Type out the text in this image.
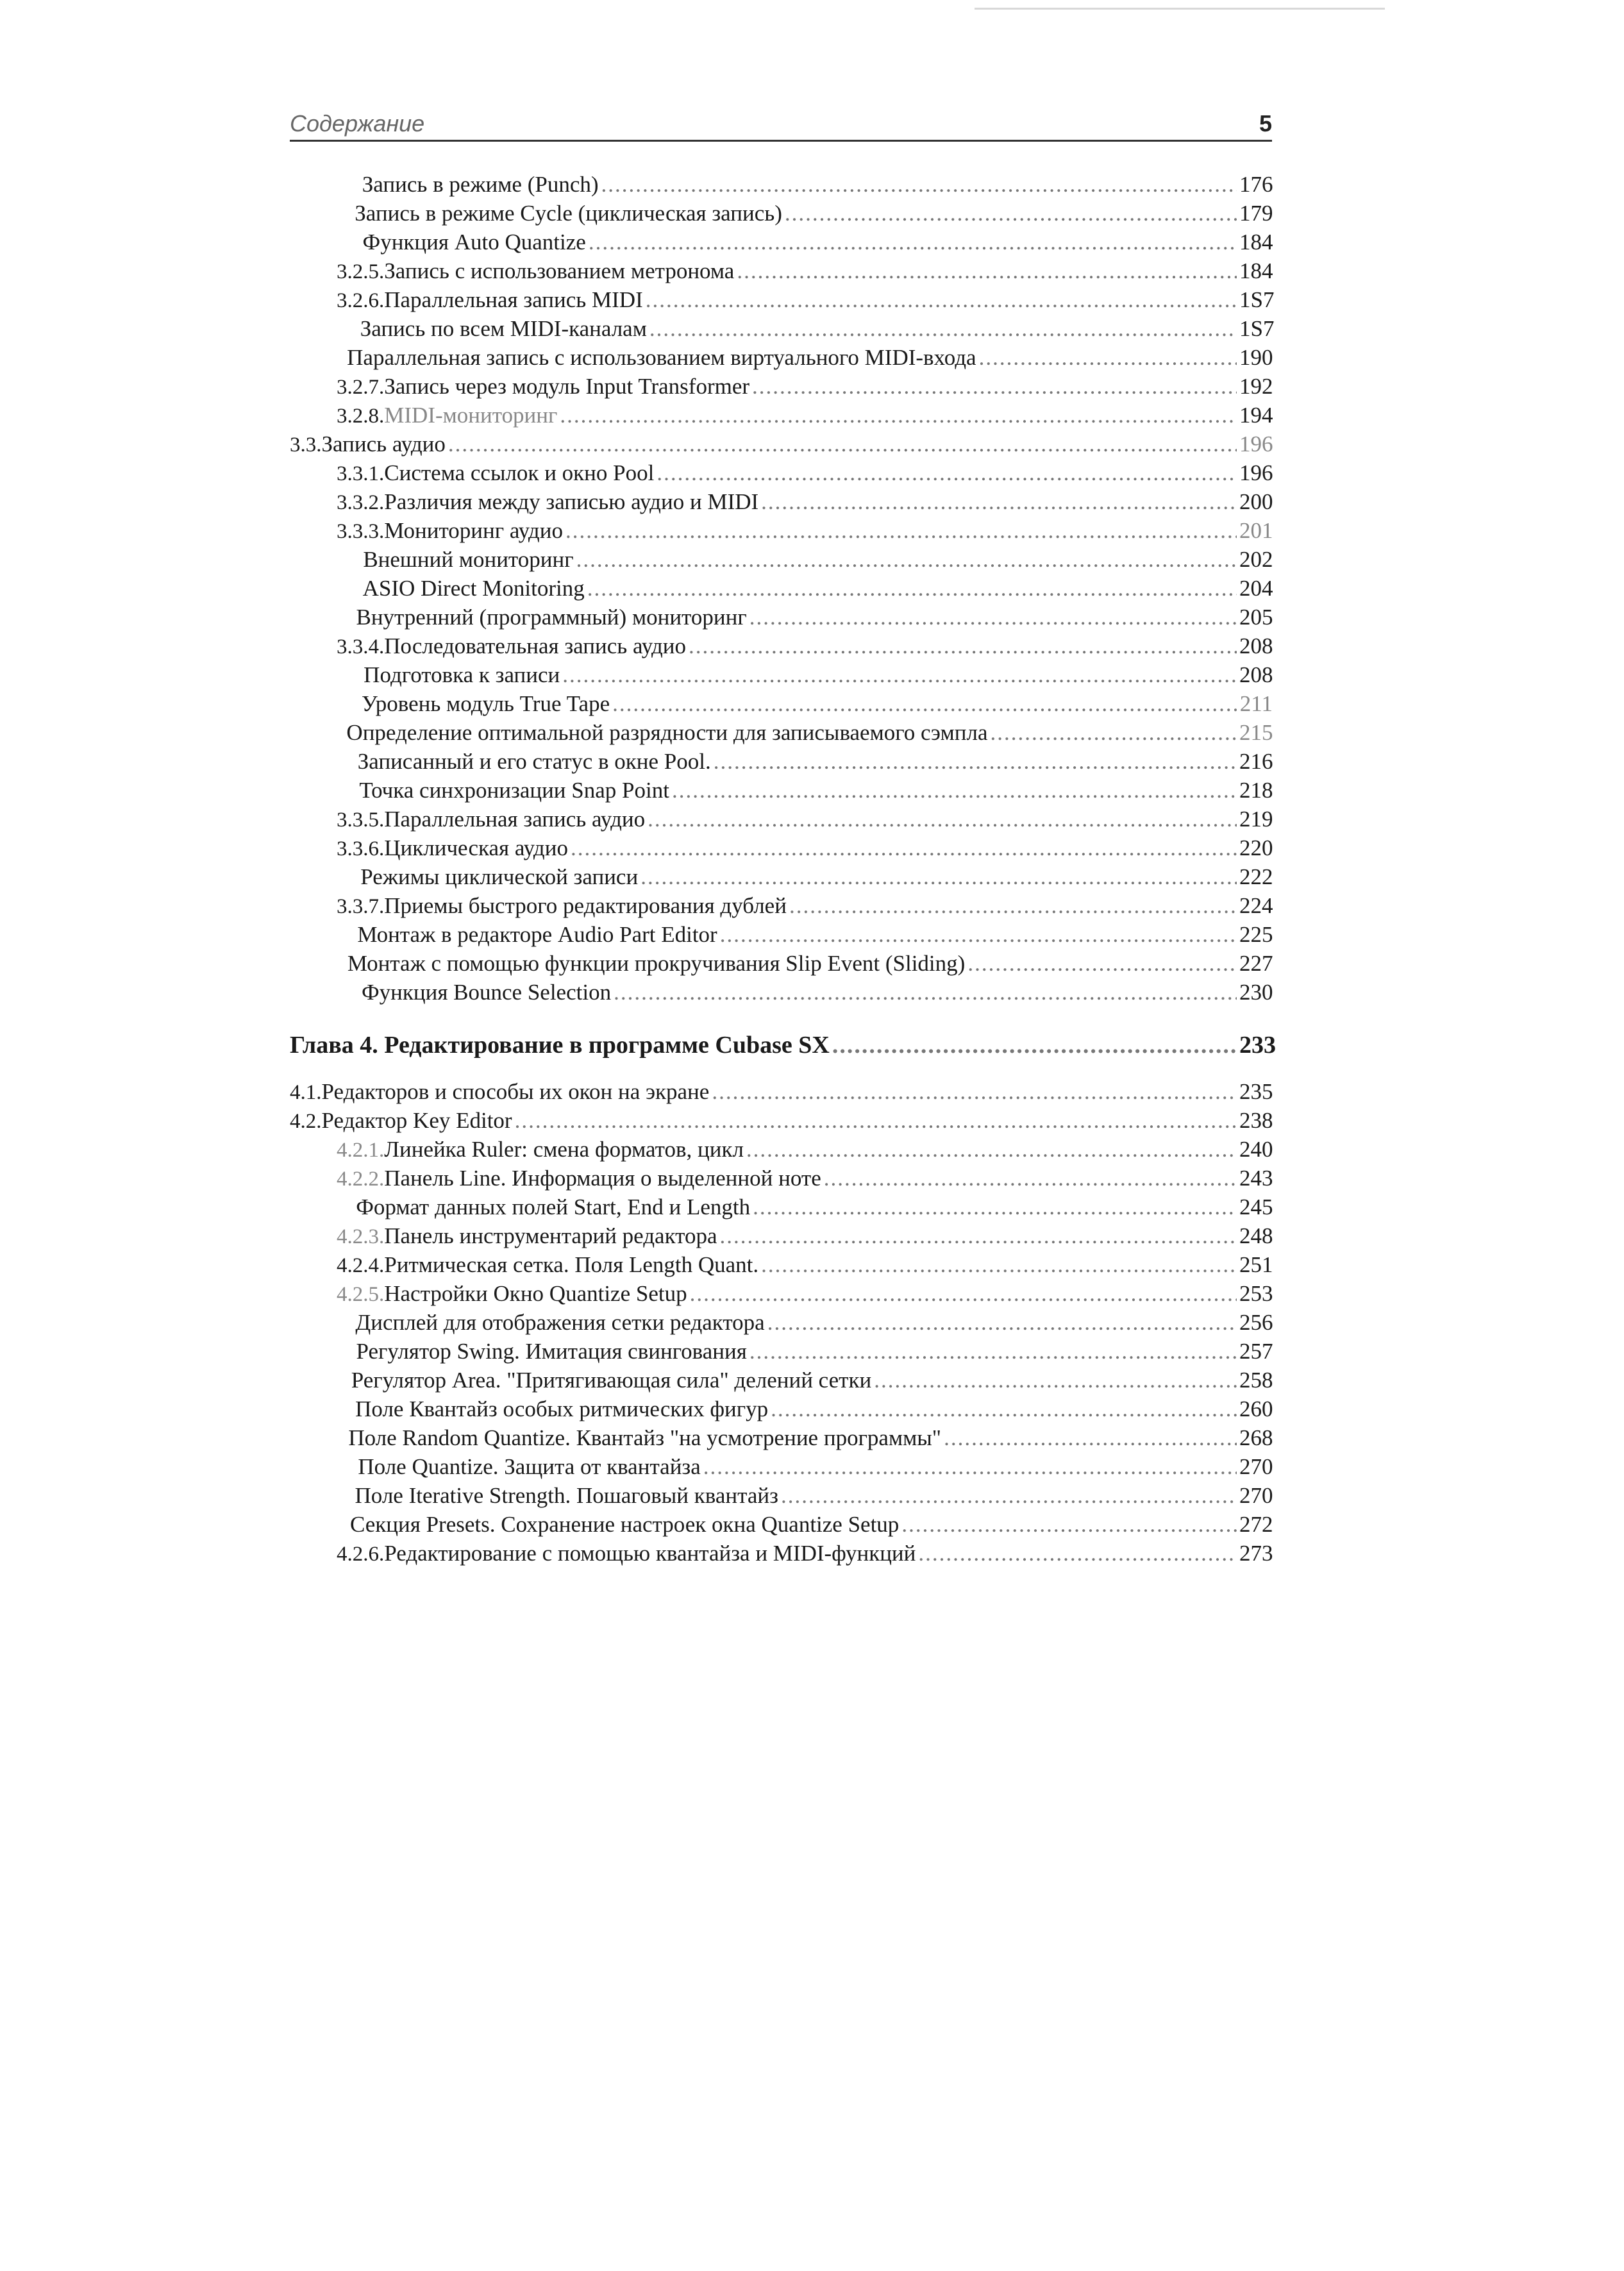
Содержание	5
Запись в режиме (Punch) .....	176
Запись в режиме Cycle (циклическая запись) .....	179
Функция Auto Quantize .....	184
3.2.5. Запись с использованием метронома .....	184
3.2.6. Параллельная запись MIDI .....	1S7
Запись по всем MIDI-каналам .....	1S7
Параллельная запись с использованием виртуального MIDI-входа .....	190
3.2.7. Запись через модуль Input Transformer .....	192
3.2.8. MIDI-мониторинг .....	194
3.3. Запись аудио .....	196
3.3.1. Система ссылок и окно Pool .....	196
3.3.2. Различия между записью аудио и MIDI .....	200
3.3.3. Мониторинг аудио .....	201
Внешний мониторинг .....	202
ASIO Direct Monitoring .....	204
Внутренний (программный) мониторинг .....	205
3.3.4. Последовательная запись аудио .....	208
Подготовка к записи .....	208
Уровень модуль True Tape .....	211
Определение оптимальной разрядности для записываемого сэмпла .....	215
Записанный и его статус в окне Pool. .....	216
Точка синхронизации Snap Point .....	218
3.3.5. Параллельная запись аудио .....	219
3.3.6. Циклическая аудио .....	220
Режимы циклической записи .....	222
3.3.7. Приемы быстрого редактирования дублей .....	224
Монтаж в редакторе Audio Part Editor .....	225
Монтаж с помощью функции прокручивания Slip Event (Sliding) .....	227
Функция Bounce Selection .....	230
Глава 4. Редактирование в программе Cubase SX .....	233
4.1. Редакторов и способы их окон на экране .....	235
4.2. Редактор Key Editor .....	238
4.2.1. Линейка Ruler: смена форматов, цикл .....	240
4.2.2. Панель Line. Информация о выделенной ноте .....	243
Формат данных полей Start, End и Length .....	245
4.2.3. Панель инструментарий редактора .....	248
4.2.4. Ритмическая сетка. Поля Length Quant. .....	251
4.2.5. Настройки Окно Quantize Setup .....	253
Дисплей для отображения сетки редактора .....	256
Регулятор Swing. Имитация свингования .....	257
Регулятор Area. "Притягивающая сила" делений сетки .....	258
Поле Квантайз особых ритмических фигур .....	260
Поле Random Quantize. Квантайз "на усмотрение программы" .....	268
Поле Quantize. Защита от квантайза .....	270
Поле Iterative Strength. Пошаговый квантайз .....	270
Секция Presets. Сохранение настроек окна Quantize Setup .....	272
4.2.6. Редактирование с помощью квантайза и MIDI-функций .....	273
